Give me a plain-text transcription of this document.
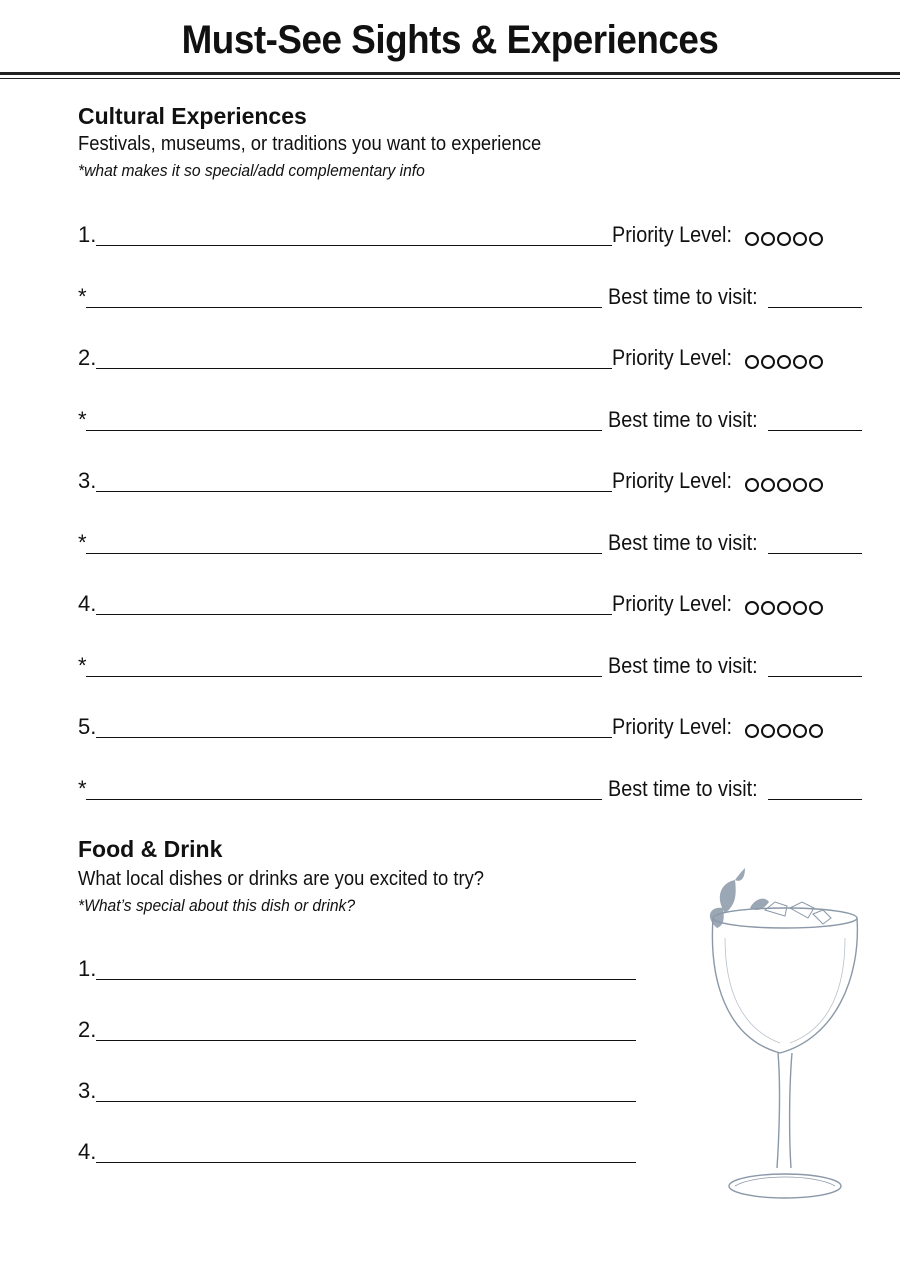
Must-See Sights & Experiences
Cultural Experiences
Festivals, museums, or traditions you want to experience
*what makes it so special/add complementary info
1.	Priority Level:
*	Best time to visit:
2.	Priority Level:
*	Best time to visit:
3.	Priority Level:
*	Best time to visit:
4.	Priority Level:
*	Best time to visit:
5.	Priority Level:
*	Best time to visit:
Food & Drink
What local dishes or drinks are you excited to try?
*What’s special about this dish or drink?
1.
2.
3.
4.
